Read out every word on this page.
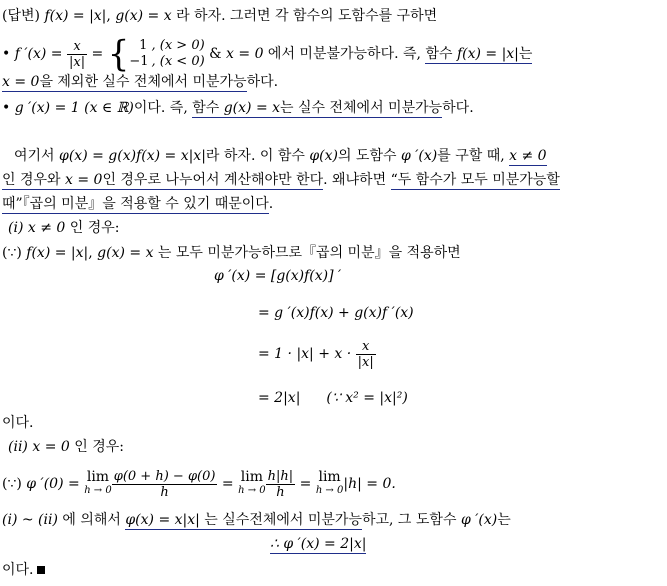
(답변) f(x) = |x|, g(x) = x 라 하자. 그러면 각 함수의 도함수를 구하면
• f $'(x) = \frac{x}{|x|}$ = { 1 , (x > 0)
−1 , (x < 0) & x = 0 에서 미분불가능하다. 즉, 함수 f(x) = |x|는
x = 0을 제외한 실수 전체에서 미분가능하다.
• g ′(x) = 1 (x ∈ ℝ)이다. 즉, 함수 g(x) = x는 실수 전체에서 미분가능하다.
여기서 φ(x) = g(x)f(x) = x|x|라 하자. 이 함수 φ(x)의 도함수 φ ′(x)를 구할 때, x ≠ 0
인 경우와 x = 0인 경우로 나누어서 계산해야만 한다. 왜냐하면 “두 함수가 모두 미분가능할
때”『곱의 미분』을 적용할 수 있기 때문이다.
(i) x ≠ 0 인 경우:
(∵) f(x) = |x|, g(x) = x 는 모두 미분가능하므로『곱의 미분』을 적용하면
φ ′(x) = [g(x)f(x)] ′
= g ′(x)f(x) + g(x)f ′(x)
= $1 \cdot |x| + x \cdot \frac{x}{|x|}$
= 2|x| (∵ x² = |x|²)
이다.
(ii) x = 0 인 경우:
(∵) φ ′(0) = lim
$h \to 0 \frac{\varphi(0 + h) - \varphi(0)}{h} = \lim$
$h \to 0 \frac{h|h|}{h} = \lim$
h → 0 |h| = 0.
(i) ~ (ii) 에 의해서 φ(x) = x|x| 는 실수전체에서 미분가능하고, 그 도함수 φ ′(x)는
∴ φ ′(x) = 2|x|
이다.
